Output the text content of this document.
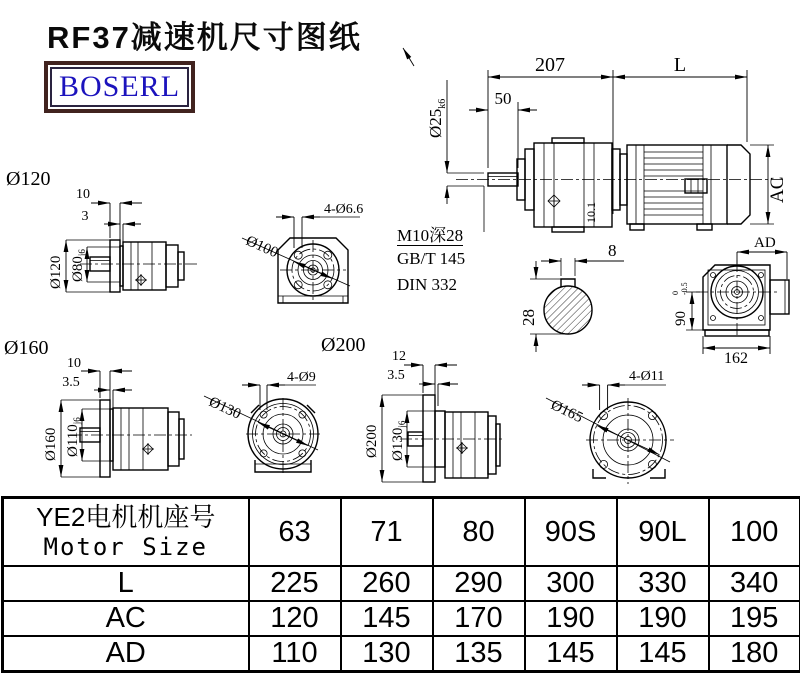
RF37减速机尺寸图纸
BOSERL
207	L
50
$Ø25_{k6}$
AC
10.1
M10深28
GB/T 145
DIN 332
8
28
AD
90
0 -0.5
162
Ø120
10
3
Ø120 $Ø80_{j6}$
4-Ø6.6
Ø100
Ø160
10
3.5
Ø160 $Ø110_{j6}$
4-Ø9
Ø130
Ø200
12
3.5
Ø200 $Ø130_{j6}$
4-Ø11
Ø165
YE2电机机座号
Motor Size	63	71	80	90S	90L	100
L	225	260	290	300	330	340
AC	120	145	170	190	190	195
AD	110	130	135	145	145	180
